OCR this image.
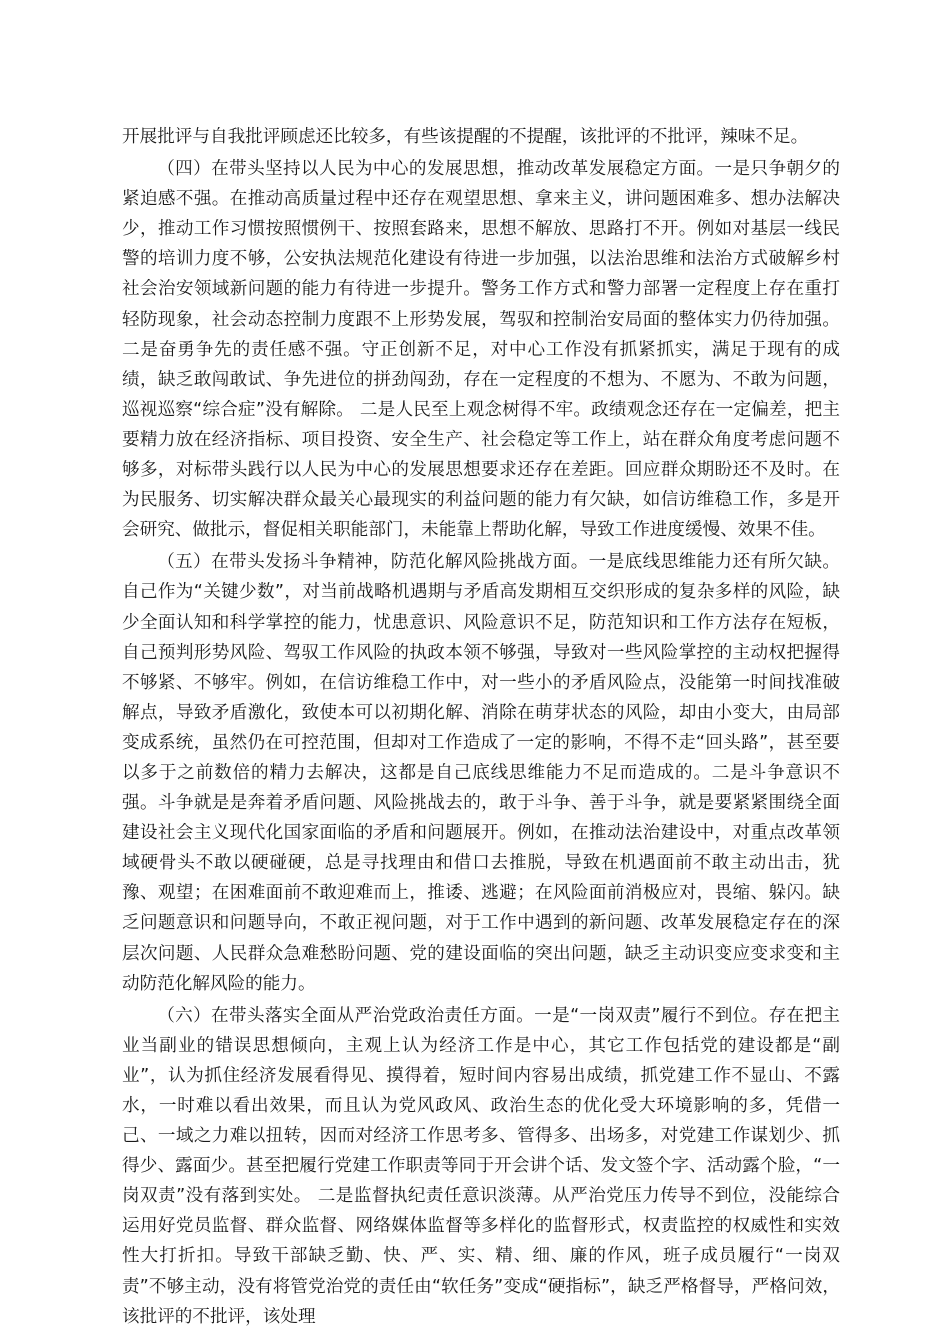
开展批评与自我批评顾虑还比较多，有些该提醒的不提醒，该批评的不批评，辣味不足。

（四）在带头坚持以人民为中心的发展思想，推动改革发展稳定方面。一是只争朝夕的紧迫感不强。在推动高质量过程中还存在观望思想、拿来主义，讲问题困难多、想办法解决少，推动工作习惯按照惯例干、按照套路来，思想不解放、思路打不开。例如对基层一线民警的培训力度不够，公安执法规范化建设有待进一步加强，以法治思维和法治方式破解乡村社会治安领域新问题的能力有待进一步提升。警务工作方式和警力部署一定程度上存在重打轻防现象，社会动态控制力度跟不上形势发展，驾驭和控制治安局面的整体实力仍待加强。二是奋勇争先的责任感不强。守正创新不足，对中心工作没有抓紧抓实，满足于现有的成绩，缺乏敢闯敢试、争先进位的拼劲闯劲，存在一定程度的不想为、不愿为、不敢为问题，巡视巡察“综合症”没有解除。 二是人民至上观念树得不牢。政绩观念还存在一定偏差，把主要精力放在经济指标、项目投资、安全生产、社会稳定等工作上，站在群众角度考虑问题不够多，对标带头践行以人民为中心的发展思想要求还存在差距。回应群众期盼还不及时。在为民服务、切实解决群众最关心最现实的利益问题的能力有欠缺，如信访维稳工作，多是开会研究、做批示，督促相关职能部门，未能靠上帮助化解，导致工作进度缓慢、效果不佳。

（五）在带头发扬斗争精神，防范化解风险挑战方面。一是底线思维能力还有所欠缺。自己作为“关键少数”，对当前战略机遇期与矛盾高发期相互交织形成的复杂多样的风险，缺少全面认知和科学掌控的能力，忧患意识、风险意识不足，防范知识和工作方法存在短板，自己预判形势风险、驾驭工作风险的执政本领不够强，导致对一些风险掌控的主动权把握得不够紧、不够牢。例如，在信访维稳工作中，对一些小的矛盾风险点，没能第一时间找准破解点，导致矛盾激化，致使本可以初期化解、消除在萌芽状态的风险，却由小变大，由局部变成系统，虽然仍在可控范围，但却对工作造成了一定的影响，不得不走“回头路”，甚至要以多于之前数倍的精力去解决，这都是自己底线思维能力不足而造成的。二是斗争意识不强。斗争就是是奔着矛盾问题、风险挑战去的，敢于斗争、善于斗争，就是要紧紧围绕全面建设社会主义现代化国家面临的矛盾和问题展开。例如，在推动法治建设中，对重点改革领域硬骨头不敢以硬碰硬，总是寻找理由和借口去推脱，导致在机遇面前不敢主动出击，犹豫、观望；在困难面前不敢迎难而上，推诿、逃避；在风险面前消极应对，畏缩、躲闪。缺乏问题意识和问题导向，不敢正视问题，对于工作中遇到的新问题、改革发展稳定存在的深层次问题、人民群众急难愁盼问题、党的建设面临的突出问题，缺乏主动识变应变求变和主动防范化解风险的能力。

（六）在带头落实全面从严治党政治责任方面。一是“一岗双责”履行不到位。存在把主业当副业的错误思想倾向，主观上认为经济工作是中心，其它工作包括党的建设都是“副业”，认为抓住经济发展看得见、摸得着，短时间内容易出成绩，抓党建工作不显山、不露水，一时难以看出效果，而且认为党风政风、政治生态的优化受大环境影响的多，凭借一己、一域之力难以扭转，因而对经济工作思考多、管得多、出场多，对党建工作谋划少、抓得少、露面少。甚至把履行党建工作职责等同于开会讲个话、发文签个字、活动露个脸，“一岗双责”没有落到实处。 二是监督执纪责任意识淡薄。从严治党压力传导不到位，没能综合运用好党员监督、群众监督、网络媒体监督等多样化的监督形式，权责监控的权威性和实效性大打折扣。导致干部缺乏勤、快、严、实、精、细、廉的作风，班子成员履行“一岗双责”不够主动，没有将管党治党的责任由“软任务”变成“硬指标”，缺乏严格督导，严格问效，该批评的不批评，该处理
